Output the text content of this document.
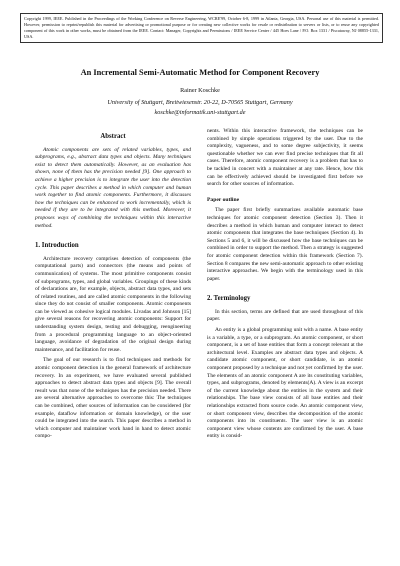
Copyright 1999, IEEE. Published in the Proceedings of the Working Conference on Reverse Engineering, WCRE'99, October 6-8, 1999 in Atlanta, Georgia, USA. Personal use of this material is permitted. However, permission to reprint/republish this material for advertising or promotional purpose or for creating new collective works for resale or redistribution to servers or lists, or to reuse any copyrighted component of this work in other works, must be obtained from the IEEE. Contact: Manager, Copyrights and Permissions / IEEE Service Center / 445 Hoes Lane / P.O. Box 1331 / Piscataway, NJ 08855-1331, USA.
An Incremental Semi-Automatic Method for Component Recovery
Rainer Koschke
University of Stuttgart, Breitwiesenstr. 20-22, D-70565 Stuttgart, Germany
koschke@informatik.uni-stuttgart.de
Abstract

Atomic components are sets of related variables, types, and subprograms, e.g., abstract data types and objects. Many techniques exist to detect them automatically. However, as an evaluation has shown, none of them has the precision needed [9]. One approach to achieve a higher precision is to integrate the user into the detection cycle. This paper describes a method in which computer and human work together to find atomic components. Furthermore, it discusses how the techniques can be enhanced to work incrementally, which is needed if they are to be integrated with this method. Moreover, it proposes ways of combining the techniques within this interactive method.

1. Introduction

Architecture recovery comprises detection of components (the computational parts) and connectors (the means and points of communication) of systems. The most primitive components consist of subprograms, types, and global variables. Groupings of these kinds of declarations are, for example, objects, abstract data types, and sets of related routines, and are called atomic components in the following since they do not consist of smaller components. Atomic components can be viewed as cohesive logical modules. Livadas and Johnson [15] give several reasons for recovering atomic components: Support for understanding system design, testing and debugging, reengineering from a procedural programming language to an object-oriented language, avoidance of degradation of the original design during maintenance, and facilitation for reuse.

The goal of our research is to find techniques and methods for atomic component detection in the general framework of architecture recovery. In an experiment, we have evaluated several published approaches to detect abstract data types and objects [9]. The overall result was that none of the techniques has the precision needed. There are several alternative approaches to overcome this: The techniques can be combined, other sources of information can be considered (for example, dataflow information or domain knowledge), or the user could be integrated into the search. This paper describes a method in which computer and maintainer work hand in hand to detect atomic compo-

nents. Within this interactive framework, the techniques can be combined by simple operations triggered by the user. Due to the complexity, vagueness, and to some degree subjectivity, it seems questionable whether we can ever find precise techniques that fit all cases. Therefore, atomic component recovery is a problem that has to be tackled in concert with a maintainer at any rate. Hence, how this can be effectively achieved should be investigated first before we search for other sources of information.

Paper outline

The paper first briefly summarizes available automatic base techniques for atomic component detection (Section 3). Then it describes a method in which human and computer interact to detect atomic components that integrates the base techniques (Section 4). In Sections 5 and 6, it will be discussed how the base techniques can be combined in order to support the method. Then a strategy is suggested for atomic component detection within this framework (Section 7). Section 8 compares the new semi-automatic approach to other existing interactive approaches. We begin with the terminology used in this paper.

2. Terminology

In this section, terms are defined that are used throughout of this paper.

An entity is a global programming unit with a name. A base entity is a variable, a type, or a subprogram. An atomic component, or short component, is a set of base entities that form a concept relevant at the architectural level. Examples are abstract data types and objects. A candidate atomic component, or short candidate, is an atomic component proposed by a technique and not yet confirmed by the user. The elements of an atomic component A are its constituting variables, types, and subprograms, denoted by elements(A). A view is an excerpt of the current knowledge about the entities in the system and their relationships. The base view consists of all base entities and their relationships extracted from source code. An atomic component view, or short component view, describes the decomposition of the atomic components into its constituents. The user view is an atomic component view whose contents are confirmed by the user. A base entity is consid-
